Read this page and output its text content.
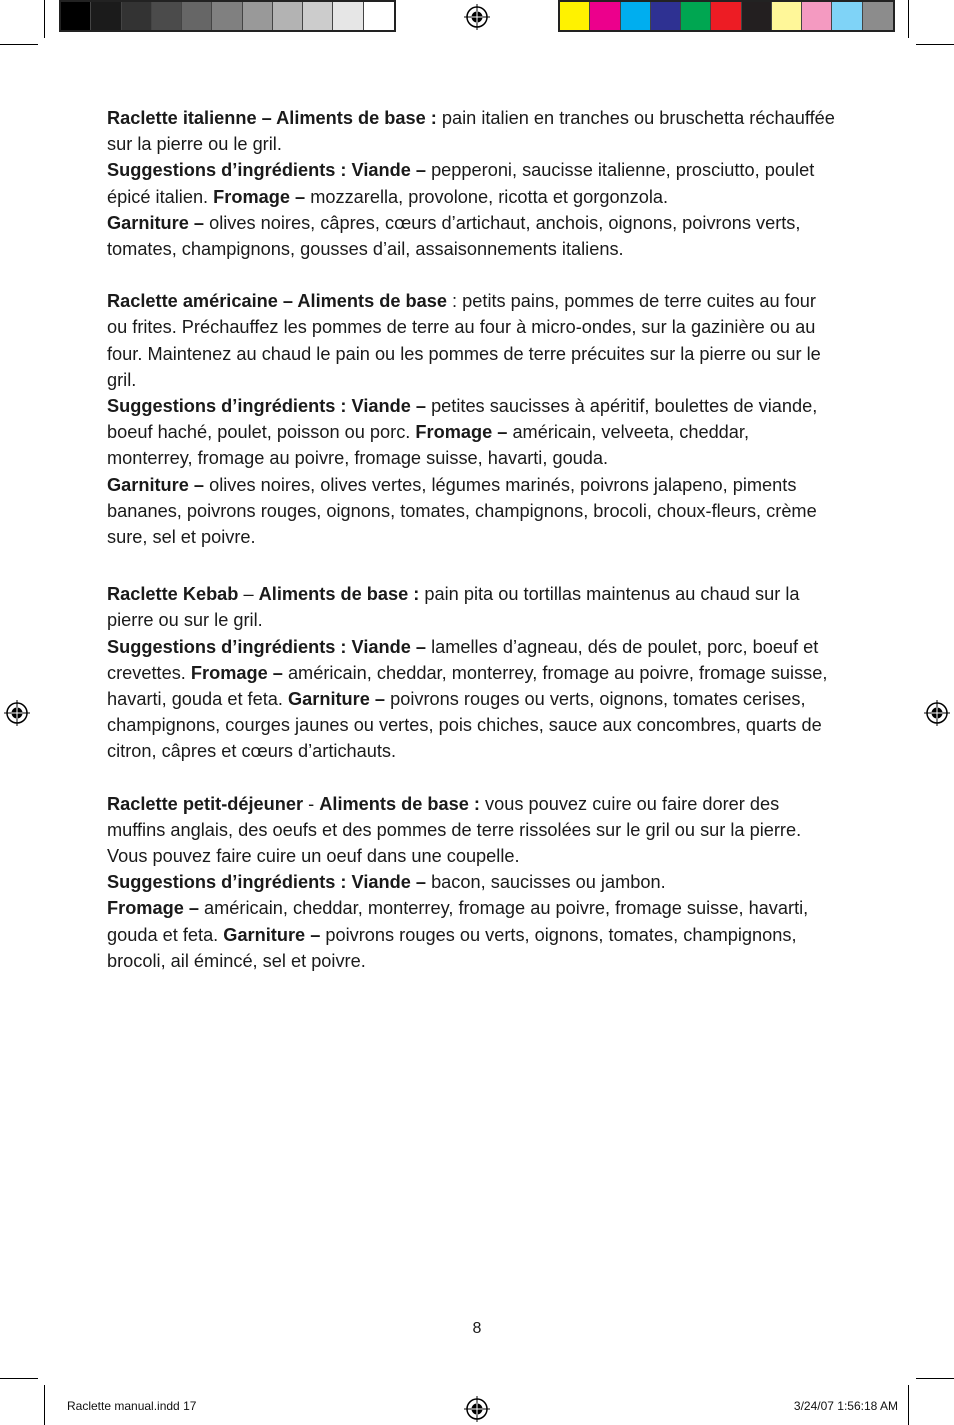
Raclette italienne – Aliments de base : pain italien en tranches ou bruschetta réchauffée sur la pierre ou le gril.

Suggestions d’ingrédients : Viande – pepperoni, saucisse italienne, prosciutto, poulet épicé italien. Fromage – mozzarella, provolone, ricotta et gorgonzola.

Garniture – olives noires, câpres, cœurs d’artichaut, anchois, oignons, poivrons verts,

tomates, champignons, gousses d’ail, assaisonnements italiens.

Raclette américaine – Aliments de base : petits pains, pommes de terre cuites au four ou frites. Préchauffez les pommes de terre au four à micro-ondes, sur la gazinière ou au four. Maintenez au chaud le pain ou les pommes de terre précuites sur la pierre ou sur le gril.

Suggestions d’ingrédients : Viande – petites saucisses à apéritif, boulettes de viande, boeuf haché, poulet, poisson ou porc. Fromage – américain, velveeta, cheddar, monterrey, fromage au poivre, fromage suisse, havarti, gouda.

Garniture – olives noires, olives vertes, légumes marinés, poivrons jalapeno, piments bananes, poivrons rouges, oignons, tomates, champignons, brocoli, choux-fleurs, crème sure, sel et poivre.

Raclette Kebab – Aliments de base : pain pita ou tortillas maintenus au chaud sur la pierre ou sur le gril.

Suggestions d’ingrédients : Viande – lamelles d’agneau, dés de poulet, porc, boeuf et crevettes. Fromage – américain, cheddar, monterrey, fromage au poivre, fromage suisse, havarti, gouda et feta. Garniture – poivrons rouges ou verts, oignons, tomates cerises, champignons, courges jaunes ou vertes, pois chiches, sauce aux concombres, quarts de citron, câpres et cœurs d’artichauts.

Raclette petit-déjeuner - Aliments de base : vous pouvez cuire ou faire dorer des muffins anglais, des oeufs et des pommes de terre rissolées sur le gril ou sur la pierre. Vous pouvez faire cuire un oeuf dans une coupelle.

Suggestions d’ingrédients : Viande – bacon, saucisses ou jambon.

Fromage – américain, cheddar, monterrey, fromage au poivre, fromage suisse, havarti, gouda et feta. Garniture – poivrons rouges ou verts, oignons, tomates, champignons, brocoli, ail émincé, sel et poivre.

8
Raclette manual.indd 17	3/24/07 1:56:18 AM
